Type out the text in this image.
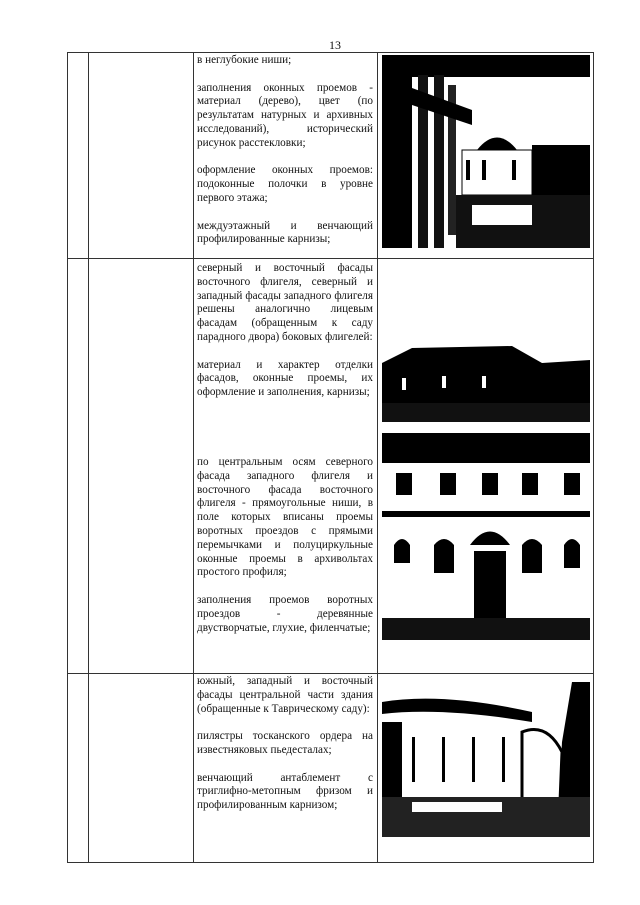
13

в неглубокие ниши;

заполнения оконных проемов - материал (дерево), цвет (по результатам натурных и архивных исследований), исторический рисунок расстекловки;

оформление оконных проемов: подоконные полочки в уровне первого этажа;

междуэтажный и венчающий профилированные карнизы;

северный и восточный фасады восточного флигеля, северный и западный фасады западного флигеля решены аналогично лицевым фасадам (обращенным к саду парадного двора) боковых флигелей:

материал и характер отделки фасадов, оконные проемы, их оформление и заполнения, карнизы;

по центральным осям северного фасада западного флигеля и восточного фасада восточного флигеля - прямоугольные ниши, в поле которых вписаны проемы воротных проездов с прямыми перемычками и полуциркульные оконные проемы в архивольтах простого профиля;

заполнения проемов воротных проездов - деревянные двустворчатые, глухие, филенчатые;

южный, западный и восточный фасады центральной части здания (обращенные к Таврическому саду):

пилястры тосканского ордера на известняковых пьедесталах;

венчающий антаблемент с триглифно-метопным фризом и профилированным карнизом;
